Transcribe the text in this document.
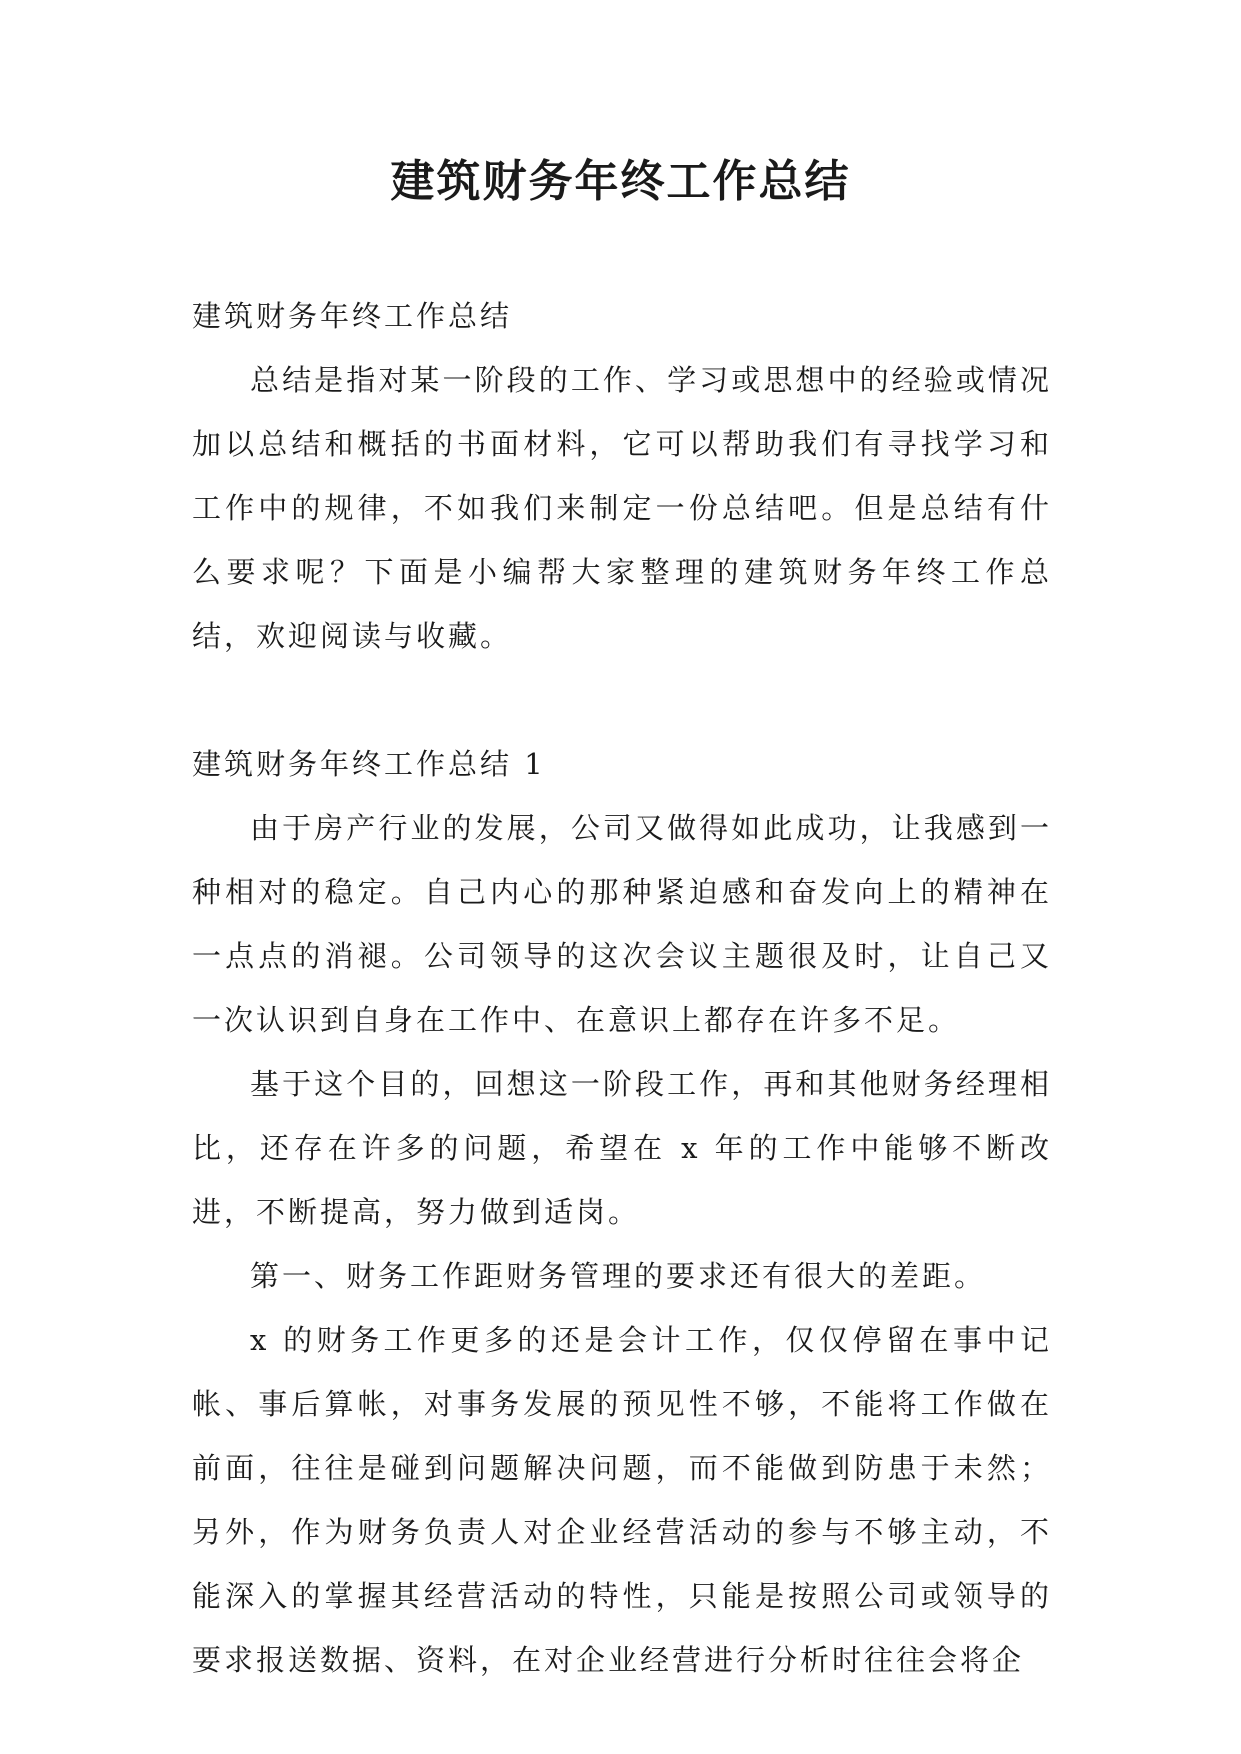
建筑财务年终工作总结

建筑财务年终工作总结

总结是指对某一阶段的工作、学习或思想中的经验或情况加以总结和概括的书面材料，它可以帮助我们有寻找学习和工作中的规律，不如我们来制定一份总结吧。但是总结有什么要求呢？下面是小编帮大家整理的建筑财务年终工作总结，欢迎阅读与收藏。

建筑财务年终工作总结 1

由于房产行业的发展，公司又做得如此成功，让我感到一种相对的稳定。自己内心的那种紧迫感和奋发向上的精神在一点点的消褪。公司领导的这次会议主题很及时，让自己又一次认识到自身在工作中、在意识上都存在许多不足。

基于这个目的，回想这一阶段工作，再和其他财务经理相比，还存在许多的问题，希望在 x 年的工作中能够不断改进，不断提高，努力做到适岗。

第一、财务工作距财务管理的要求还有很大的差距。

x 的财务工作更多的还是会计工作，仅仅停留在事中记帐、事后算帐，对事务发展的预见性不够，不能将工作做在前面，往往是碰到问题解决问题，而不能做到防患于未然；另外，作为财务负责人对企业经营活动的参与不够主动，不能深入的掌握其经营活动的特性，只能是按照公司或领导的要求报送数据、资料，在对企业经营进行分析时往往会将企
